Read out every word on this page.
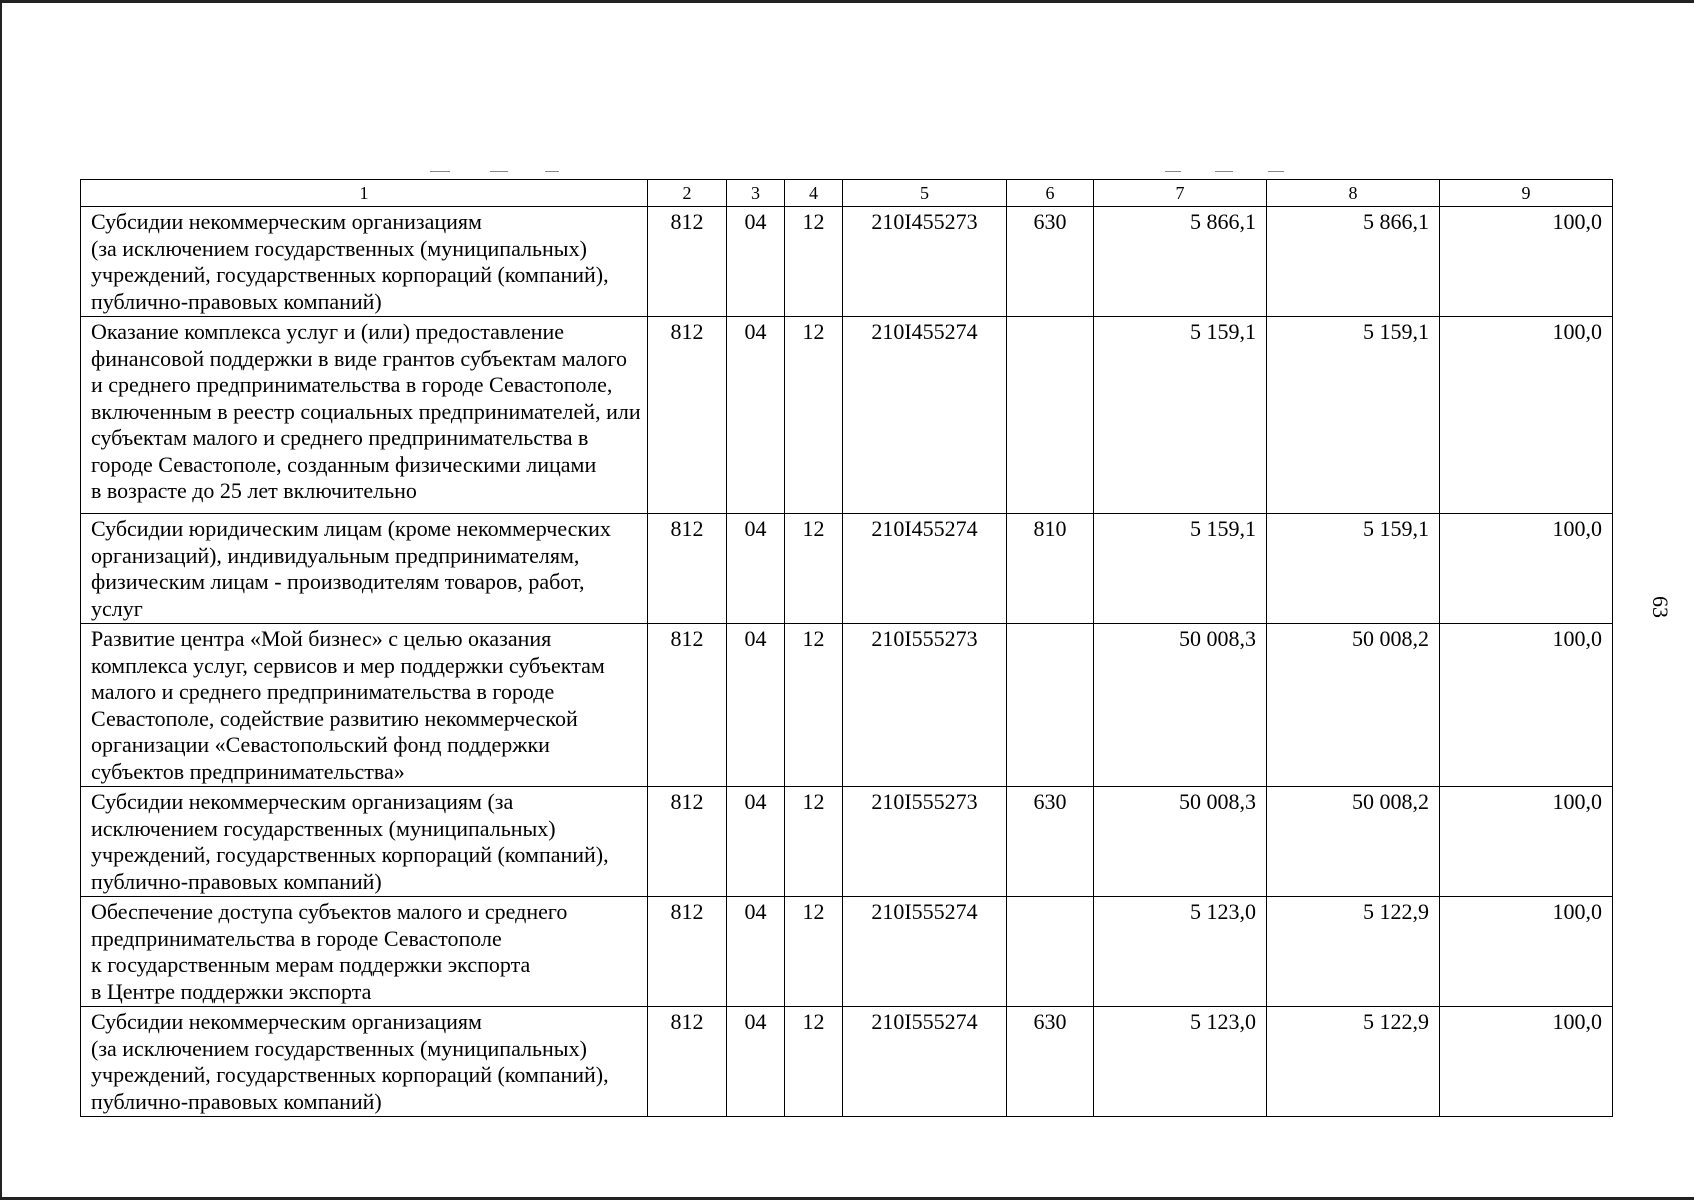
63
1	2	3	4	5	6	7	8	9
Субсидии некоммерческим организациям
(за исключением государственных (муниципальных) учреждений, государственных корпораций (компаний), публично-правовых компаний)	812	04	12	210I455273	630	5 866,1	5 866,1	100,0
Оказание комплекса услуг и (или) предоставление финансовой поддержки в виде грантов субъектам малого и среднего предпринимательства в городе Севастополе, включенным в реестр социальных предпринимателей, или субъектам малого и среднего предпринимательства в городе Севастополе, созданным физическими лицами
в возрасте до 25 лет включительно	812	04	12	210I455274		5 159,1	5 159,1	100,0
Субсидии юридическим лицам (кроме некоммерческих организаций), индивидуальным предпринимателям, физическим лицам - производителям товаров, работ, услуг	812	04	12	210I455274	810	5 159,1	5 159,1	100,0
Развитие центра «Мой бизнес» с целью оказания комплекса услуг, сервисов и мер поддержки субъектам малого и среднего предпринимательства в городе Севастополе, содействие развитию некоммерческой организации «Севастопольский фонд поддержки субъектов предпринимательства»	812	04	12	210I555273		50 008,3	50 008,2	100,0
Субсидии некоммерческим организациям (за исключением государственных (муниципальных) учреждений, государственных корпораций (компаний), публично-правовых компаний)	812	04	12	210I555273	630	50 008,3	50 008,2	100,0
Обеспечение доступа субъектов малого и среднего предпринимательства в городе Севастополе
к государственным мерам поддержки экспорта
в Центре поддержки экспорта	812	04	12	210I555274		5 123,0	5 122,9	100,0
Субсидии некоммерческим организациям
(за исключением государственных (муниципальных) учреждений, государственных корпораций (компаний), публично-правовых компаний)	812	04	12	210I555274	630	5 123,0	5 122,9	100,0
